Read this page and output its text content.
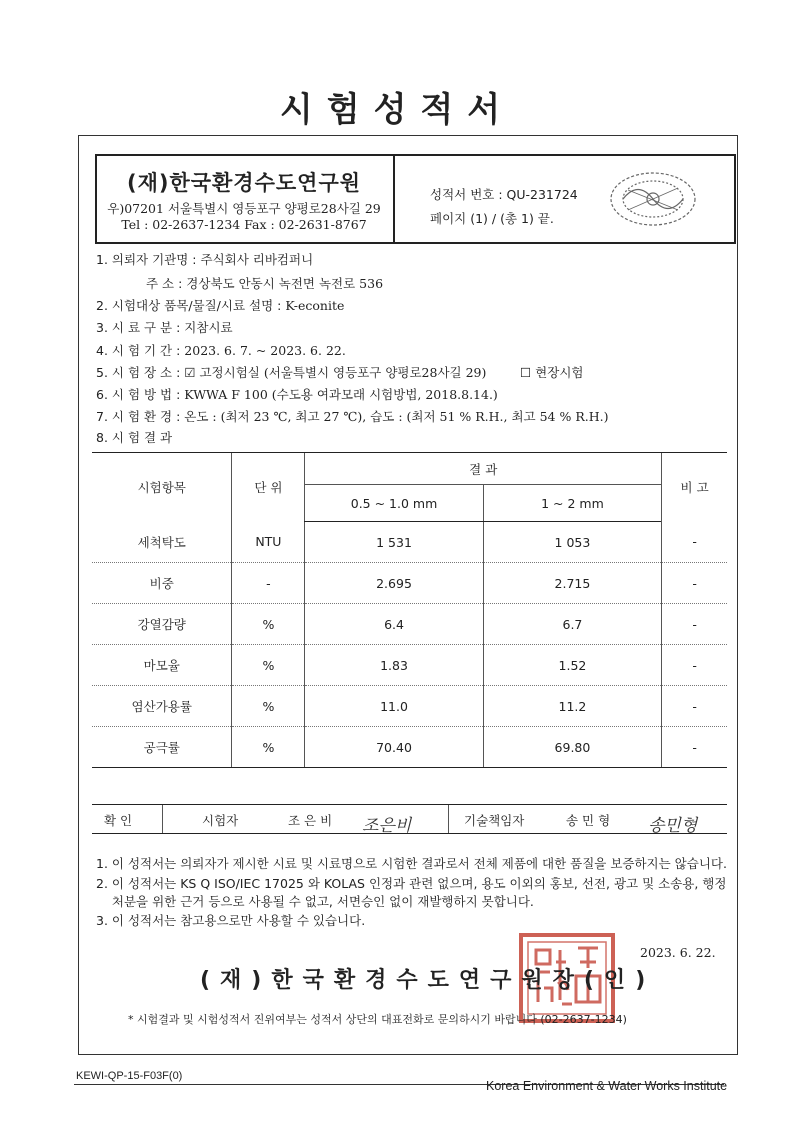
시험성적서
(재)한국환경수도연구원
우)07201 서울특별시 영등포구 양평로28사길 29
Tel : 02-2637-1234 Fax : 02-2631-8767
성적서 번호 : QU-231724
페이지 (1) / (총 1) 끝.
1. 의뢰자 기관명 : 주식회사 리바컴퍼니
주 소 : 경상북도 안동시 녹전면 녹전로 536
2. 시험대상 품목/물질/시료 설명 : K-econite
3. 시 료 구 분 : 지참시료
4. 시 험 기 간 : 2023. 6. 7. ~ 2023. 6. 22.
5. 시 험 장 소 : ☑ 고정시험실 (서울특별시 영등포구 양평로28사길 29)	☐ 현장시험
6. 시 험 방 법 : KWWA F 100 (수도용 여과모래 시험방법, 2018.8.14.)
7. 시 험 환 경 : 온도 : (최저 23 ℃, 최고 27 ℃), 습도 : (최저 51 % R.H., 최고 54 % R.H.)
8. 시 험 결 과
시험항목	단 위	결 과		비 고
		0.5 ~ 1.0 mm	1 ~ 2 mm	
세척탁도	NTU	1 531	1 053	-
비중	-	2.695	2.715	-
강열감량	%	6.4	6.7	-
마모율	%	1.83	1.52	-
염산가용률	%	11.0	11.2	-
공극률	%	70.40	69.80	-
확 인	시험자	조 은 비 조은비	기술책임자	송 민 형 송민형
1. 이 성적서는 의뢰자가 제시한 시료 및 시료명으로 시험한 결과로서 전체 제품에 대한 품질을 보증하지는 않습니다.
2. 이 성적서는 KS Q ISO/IEC 17025 와 KOLAS 인정과 관련 없으며, 용도 이외의 홍보, 선전, 광고 및 소송용, 행정
처분을 위한 근거 등으로 사용될 수 없고, 서면승인 없이 재발행하지 못합니다.
3. 이 성적서는 참고용으로만 사용할 수 있습니다.
2023. 6. 22.
(재)한국환경수도연구원장(인)
* 시험결과 및 시험성적서 진위여부는 성적서 상단의 대표전화로 문의하시기 바랍니다 (02-2637-1234)
KEWI-QP-15-F03F(0)
Korea Environment & Water Works Institute
